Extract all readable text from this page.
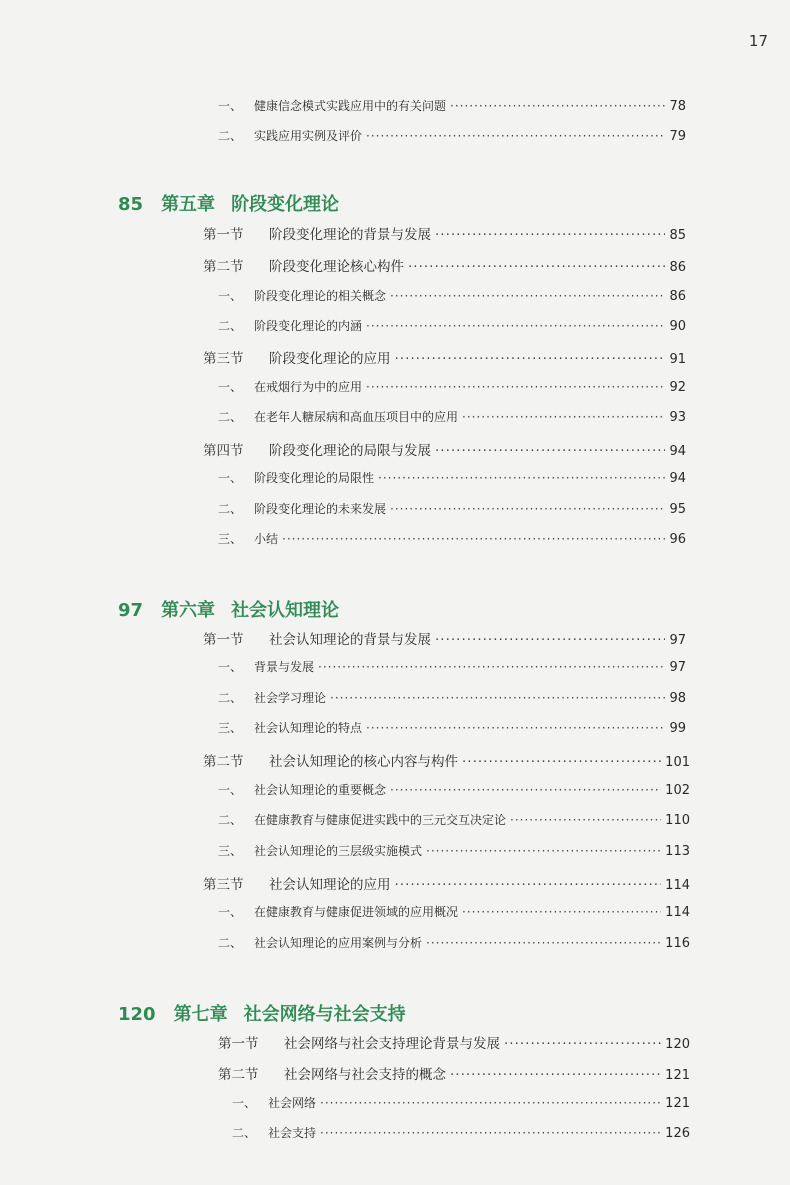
17
一、 健康信念模式实践应用中的有关问题 ·····	78
二、 实践应用实例及评价 ·····	79
85 第五章 阶段变化理论
第一节 阶段变化理论的背景与发展 ·····	85
第二节 阶段变化理论核心构件 ·····	86
一、 阶段变化理论的相关概念 ·····	86
二、 阶段变化理论的内涵 ·····	90
第三节 阶段变化理论的应用 ·····	91
一、 在戒烟行为中的应用 ·····	92
二、 在老年人糖尿病和高血压项目中的应用 ·····	93
第四节 阶段变化理论的局限与发展 ·····	94
一、 阶段变化理论的局限性 ·····	94
二、 阶段变化理论的未来发展 ·····	95
三、 小结 ·····	96
97 第六章 社会认知理论
第一节 社会认知理论的背景与发展 ·····	97
一、 背景与发展 ·····	97
二、 社会学习理论 ·····	98
三、 社会认知理论的特点 ·····	99
第二节 社会认知理论的核心内容与构件 ·····	101
一、 社会认知理论的重要概念 ·····	102
二、 在健康教育与健康促进实践中的三元交互决定论 ·····	110
三、 社会认知理论的三层级实施模式 ·····	113
第三节 社会认知理论的应用 ·····	114
一、 在健康教育与健康促进领域的应用概况 ·····	114
二、 社会认知理论的应用案例与分析 ·····	116
120 第七章 社会网络与社会支持
第一节 社会网络与社会支持理论背景与发展 ·····	120
第二节 社会网络与社会支持的概念 ·····	121
一、 社会网络 ·····	121
二、 社会支持 ·····	126
